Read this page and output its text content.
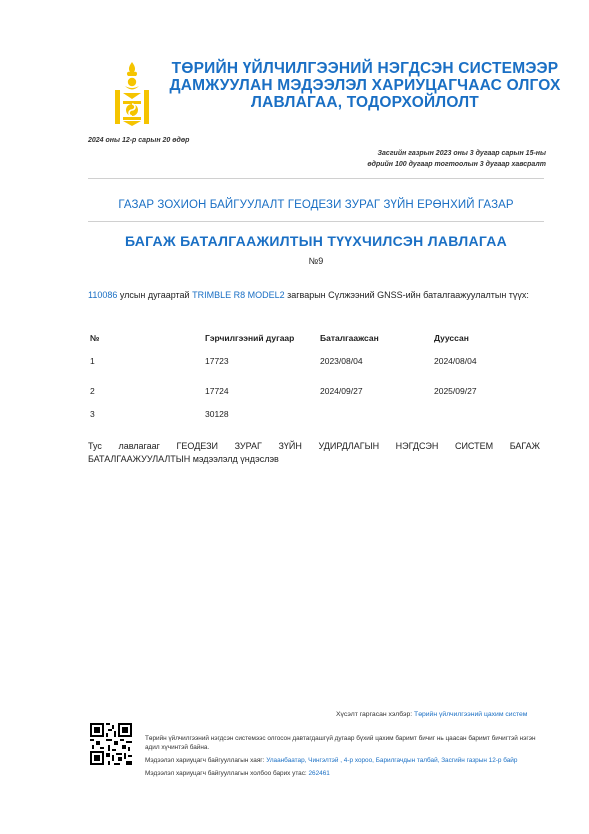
ТӨРИЙН ҮЙЛЧИЛГЭЭНИЙ НЭГДСЭН СИСТЕМЭЭР
ДАМЖУУЛАН МЭДЭЭЛЭЛ ХАРИУЦАГЧААС ОЛГОХ
ЛАВЛАГАА, ТОДОРХОЙЛОЛТ
2024 оны 12-р сарын 20 өдөр
Засгийн газрын 2023 оны 3 дугаар сарын 15-ны
өдрийн 100 дугаар тогтоолын 3 дугаар хавсралт
ГАЗАР ЗОХИОН БАЙГУУЛАЛТ ГЕОДЕЗИ ЗУРАГ ЗҮЙН ЕРӨНХИЙ ГАЗАР
БАГАЖ БАТАЛГААЖИЛТЫН ТҮҮХЧИЛСЭН ЛАВЛАГАА
№9
110086 улсын дугаартай TRIMBLE R8 MODEL2 загварын Сүлжээний GNSS-ийн баталгаажуулалтын түүх:
№	Гэрчилгээний дугаар	Баталгаажсан	Дууссан
1	17723	2023/08/04	2024/08/04
2	17724	2024/09/27	2025/09/27
3	30128
Тус лавлагааг ГЕОДЕЗИ ЗУРАГ ЗҮЙН УДИРДЛАГЫН НЭГДСЭН СИСТЕМ БАГАЖ
БАТАЛГААЖУУЛАЛТЫН мэдээлэлд үндэслэв
Хүсэлт гаргасан хэлбэр: Төрийн үйлчилгээний цахим систем

Төрийн үйлчилгээний нэгдсэн системээс олгосон давтагдашгүй дугаар бүхий цахим баримт бичиг нь цаасан баримт бичигтэй нэгэн адил хүчинтэй байна.

Мэдээлэл хариуцагч байгууллагын хаяг: Улаанбаатар, Чингэлтэй , 4-р хороо, Барилгачдын талбай, Засгийн газрын 12-р байр

Мэдээлэл хариуцагч байгууллагын холбоо барих утас: 262461
